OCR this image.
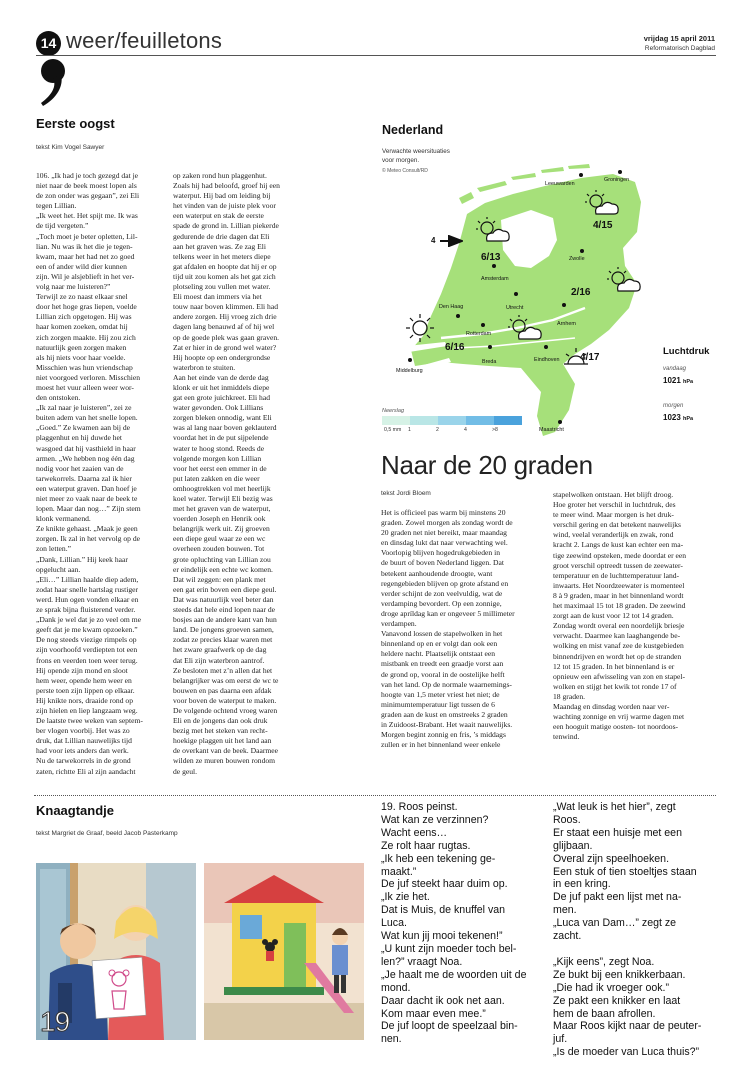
14 weer/feuilletons	vrijdag 15 april 2011
Reformatorisch Dagblad
Eerste oogst
tekst Kim Vogel Sawyer
106. „Ik had je toch gezegd dat je
niet naar de beek moest lopen als
de zon onder was gegaan”, zei Eli
tegen Lillian.
„Ik weet het. Het spijt me. Ik was
de tijd vergeten.”
„Toch moet je beter opletten, Lil-
lian. Nu was ik het die je tegen-
kwam, maar het had net zo goed
een of ander wild dier kunnen
zijn. Wil je alsjeblieft in het ver-
volg naar me luisteren?”
Terwijl ze zo naast elkaar snel
door het hoge gras liepen, voelde
Lillian zich opgetogen. Hij was
haar komen zoeken, omdat hij
zich zorgen maakte. Hij zou zich
natuurlijk geen zorgen maken
als hij niets voor haar voelde.
Misschien was hun vriendschap
niet voorgoed verloren. Misschien
moest het vuur alleen weer wor-
den ontstoken.
„Ik zal naar je luisteren”, zei ze
buiten adem van het snelle lopen.
„Goed.” Ze kwamen aan bij de
plaggenhut en hij duwde het
wasgoed dat hij vasthield in haar
armen. „We hebben nog één dag
nodig voor het zaaien van de
tarwekorrels. Daarna zal ik hier
een waterput graven. Dan hoef je
niet meer zo vaak naar de beek te
lopen. Maar dan nog…” Zijn stem
klonk vermanend.
Ze knikte gehaast. „Maak je geen
zorgen. Ik zal in het vervolg op de
zon letten.”
„Dank, Lillian.” Hij keek haar
opgelucht aan.
„Eli…” Lillian haalde diep adem,
zodat haar snelle hartslag rustiger
werd. Hun ogen vonden elkaar en
ze sprak bijna fluisterend verder.
„Dank je wel dat je zo veel om me
geeft dat je me kwam opzoeken.”
De nog steeds viezige rimpels op
zijn voorhoofd verdiepten tot een
frons en veerden toen weer terug.
Hij opende zijn mond en sloot
hem weer, opende hem weer en
perste toen zijn lippen op elkaar.
Hij knikte nors, draaide rond op
zijn hielen en liep langzaam weg.
De laatste twee weken van septem-
ber vlogen voorbij. Het was zo
druk, dat Lillian nauwelijks tijd
had voor iets anders dan werk.
Nu de tarwekorrels in de grond
zaten, richtte Eli al zijn aandacht
op zaken rond hun plaggenhut.
Zoals hij had beloofd, groef hij een
waterput. Hij bad om leiding bij
het vinden van de juiste plek voor
een waterput en stak de eerste
spade de grond in. Lillian piekerde
gedurende de drie dagen dat Eli
aan het graven was. Ze zag Eli
telkens weer in het meters diepe
gat afdalen en hoopte dat hij er op
tijd uit zou komen als het gat zich
plotseling zou vullen met water.
Eli moest dan immers via het
touw naar boven klimmen. Eli had
andere zorgen. Hij vroeg zich drie
dagen lang benauwd af of hij wel
op de goede plek was gaan graven.
Zat er hier in de grond wel water?
Hij hoopte op een ondergrondse
waterbron te stuiten.
Aan het einde van de derde dag
klonk er uit het inmiddels diepe
gat een grote juichkreet. Eli had
water gevonden. Ook Lillians
zorgen bleken onnodig, want Eli
was al lang naar boven geklauterd
voordat het in de put sijpelende
water te hoog stond. Reeds de
volgende morgen kon Lillian
voor het eerst een emmer in de
put laten zakken en die weer
omhoogtrekken vol met heerlijk
koel water. Terwijl Eli bezig was
met het graven van de waterput,
voerden Joseph en Henrik ook
belangrijk werk uit. Zij groeven
een diepe geul waar ze een wc
overheen zouden bouwen. Tot
grote opluchting van Lillian zou
er eindelijk een echte wc komen.
Dat wil zeggen: een plank met
een gat erin boven een diepe geul.
Dat was natuurlijk veel beter dan
steeds dat hele eind lopen naar de
bosjes aan de andere kant van hun
land. De jongens groeven samen,
zodat ze precies klaar waren met
het zware graafwerk op de dag
dat Eli zijn waterbron aantrof.
Ze besloten met z’n allen dat het
belangrijker was om eerst de wc te
bouwen en pas daarna een afdak
voor boven de waterput te maken.
De volgende ochtend vroeg waren
Eli en de jongens dan ook druk
bezig met het steken van recht-
hoekige plaggen uit het land aan
de overkant van de beek. Daarmee
wilden ze muren bouwen rondom
de geul.
Nederland
Verwachte weersituaties
voor morgen.
© Meteo Consult/RD
4
Leeuwarden
Groningen
Zwolle
Amsterdam
Den Haag
Rotterdam
Utrecht
Arnhem
Eindhoven
Breda
Middelburg
Maastricht
6/13
4/15
2/16
6/16
4/17
Neerslag
0,5 mm 1	2	4	>8
Luchtdruk
vandaag
1021 hPa
morgen
1023 hPa
Naar de 20 graden
tekst Jordi Bloem
Het is officieel pas warm bij minstens 20
graden. Zowel morgen als zondag wordt de
20 graden net niet bereikt, maar maandag
en dinsdag lukt dat naar verwachting wel.
Voorlopig blijven hogedrukgebieden in
de buurt of boven Nederland liggen. Dat
betekent aanhoudende droogte, want
regengebieden blijven op grote afstand en
verder schijnt de zon veelvuldig, wat de
verdamping bevordert. Op een zonnige,
droge apríldag kan er ongeveer 5 millimeter
verdampen.
Vanavond lossen de stapelwolken in het
binnenland op en er volgt dan ook een
heldere nacht. Plaatselijk ontstaat een
mistbank en treedt een graadje vorst aan
de grond op, vooral in de oostelijke helft
van het land. Op de normale waarnemings-
hoogte van 1,5 meter vriest het niet; de
minimumtemperatuur ligt tussen de 6
graden aan de kust en omstreeks 2 graden
in Zuidoost-Brabant. Het waait nauwelijks.
Morgen begint zonnig en fris, ’s middags
zullen er in het binnenland weer enkele
stapelwolken ontstaan. Het blijft droog.
Hoe groter het verschil in luchtdruk, des
te meer wind. Maar morgen is het druk-
verschil gering en dat betekent nauwelijks
wind, veelal veranderlijk en zwak, rond
kracht 2. Langs de kust kan echter een ma-
tige zeewind opsteken, mede doordat er een
groot verschil optreedt tussen de zeewater-
temperatuur en de luchttemperatuur land-
inwaarts. Het Noordzeewater is momenteel
8 à 9 graden, maar in het binnenland wordt
het maximaal 15 tot 18 graden. De zeewind
zorgt aan de kust voor 12 tot 14 graden.
Zondag wordt overal een noordelijk briesje
verwacht. Daarmee kan laaghangende be-
wolking en mist vanaf zee de kustgebieden
binnendrijven en wordt het op de stranden
12 tot 15 graden. In het binnenland is er
opnieuw een afwisseling van zon en stapel-
wolken en stijgt het kwik tot ronde 17 of
18 graden.
Maandag en dinsdag worden naar ver-
wachting zonnige en vrij warme dagen met
een hooguit matige oosten- tot noordoos-
tenwind.
Knaagtandje
tekst Margriet de Graaf, beeld Jacob Pasterkamp
19
19. Roos peinst.
Wat kan ze verzinnen?
Wacht eens…
Ze rolt haar rugtas.
„Ik heb een tekening ge-
maakt.”
De juf steekt haar duim op.
„Ik zie het.
Dat is Muis, de knuffel van
Luca.
Wat kun jij mooi tekenen!”
„U kunt zijn moeder toch bel-
len?” vraagt Noa.
„Je haalt me de woorden uit de
mond.
Daar dacht ik ook net aan.
Kom maar even mee.”
De juf loopt de speelzaal bin-
nen.
„Wat leuk is het hier”, zegt
Roos.
Er staat een huisje met een
glijbaan.
Overal zijn speelhoeken.
Een stuk of tien stoeltjes staan
in een kring.
De juf pakt een lijst met na-
men.
„Luca van Dam…” zegt ze
zacht.

„Kijk eens”, zegt Noa.
Ze bukt bij een knikkerbaan.
„Die had ik vroeger ook.”
Ze pakt een knikker en laat
hem de baan afrollen.
Maar Roos kijkt naar de peuter-
juf.
„Is de moeder van Luca thuis?”
